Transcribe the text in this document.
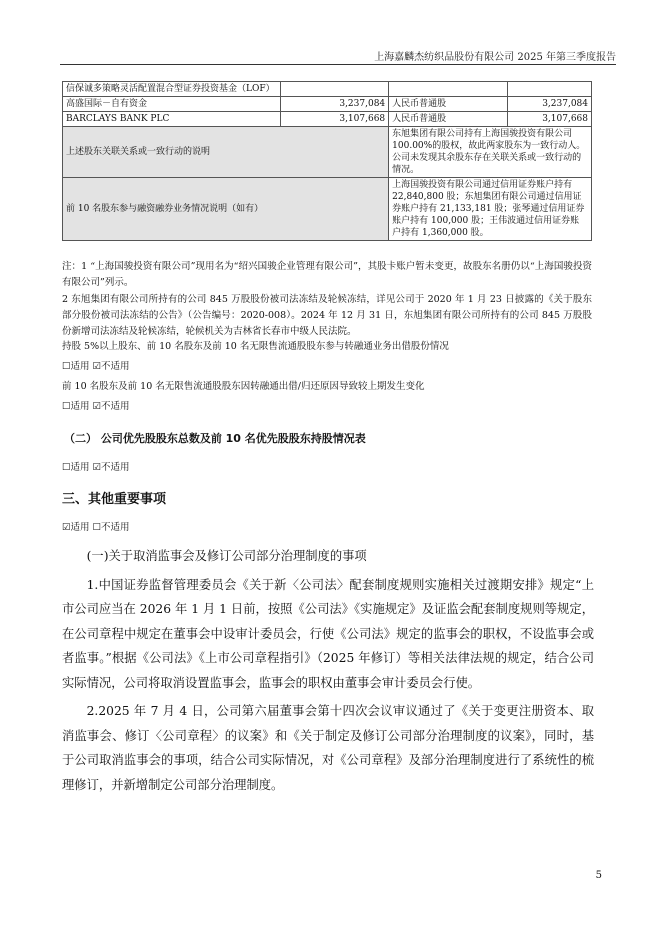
上海嘉麟杰纺织品股份有限公司 2025 年第三季度报告
信保诚多策略灵活配置混合型证券投资基金（LOF）			
高盛国际－自有资金	3,237,084	人民币普通股	3,237,084
BARCLAYS BANK PLC	3,107,668	人民币普通股	3,107,668
上述股东关联关系或一致行动的说明		东旭集团有限公司持有上海国骏投资有限公司 100.00%的股权，故此两家股东为一致行动人。公司未发现其余股东存在关联关系或一致行动的情况。	
前 10 名股东参与融资融券业务情况说明（如有）		上海国骏投资有限公司通过信用证券账户持有 22,840,800 股；东旭集团有限公司通过信用证券账户持有 21,133,181 股；张琴通过信用证券账户持有 100,000 股；王伟波通过信用证券账户持有 1,360,000 股。	

注：1 “上海国骏投资有限公司”现用名为“绍兴国骏企业管理有限公司”，其股卡账户暂未变更，故股东名册仍以“上海国骏投资有限公司”列示。

2 东旭集团有限公司所持有的公司 845 万股股份被司法冻结及轮候冻结，详见公司于 2020 年 1 月 23 日披露的《关于股东部分股份被司法冻结的公告》（公告编号：2020-008）。2024 年 12 月 31 日，东旭集团有限公司所持有的公司 845 万股股份新增司法冻结及轮候冻结，轮候机关为吉林省长春市中级人民法院。

持股 5%以上股东、前 10 名股东及前 10 名无限售流通股股东参与转融通业务出借股份情况
☐适用 ☑不适用
前 10 名股东及前 10 名无限售流通股股东因转融通出借/归还原因导致较上期发生变化
☐适用 ☑不适用
（二） 公司优先股股东总数及前 10 名优先股股东持股情况表
☐适用 ☑不适用
三、其他重要事项
☑适用 ☐不适用

(一)关于取消监事会及修订公司部分治理制度的事项

1.中国证券监督管理委员会《关于新〈公司法〉配套制度规则实施相关过渡期安排》规定“上市公司应当在 2026 年 1 月 1 日前，按照《公司法》《实施规定》及证监会配套制度规则等规定，在公司章程中规定在董事会中设审计委员会，行使《公司法》规定的监事会的职权，不设监事会或者监事。”根据《公司法》《上市公司章程指引》（2025 年修订）等相关法律法规的规定，结合公司实际情况，公司将取消设置监事会，监事会的职权由董事会审计委员会行使。

2.2025 年 7 月 4 日，公司第六届董事会第十四次会议审议通过了《关于变更注册资本、取消监事会、修订〈公司章程〉的议案》和《关于制定及修订公司部分治理制度的议案》，同时，基于公司取消监事会的事项，结合公司实际情况，对《公司章程》及部分治理制度进行了系统性的梳理修订，并新增制定公司部分治理制度。

5
